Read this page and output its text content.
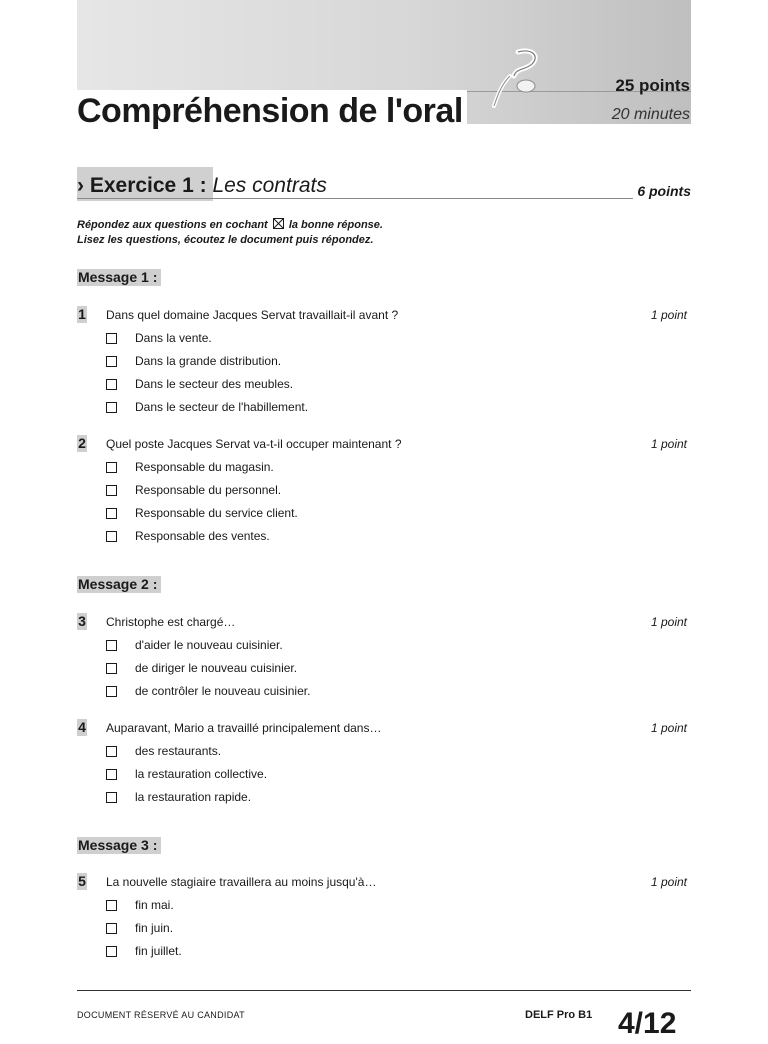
Compréhension de l'oral
25 points
20 minutes
› Exercice 1 : Les contrats	6 points
Répondez aux questions en cochant la bonne réponse.
Lisez les questions, écoutez le document puis répondez.
Message 1 :
1 Dans quel domaine Jacques Servat travaillait-il avant ?	1 point
Dans la vente.
Dans la grande distribution.
Dans le secteur des meubles.
Dans le secteur de l'habillement.
2 Quel poste Jacques Servat va-t-il occuper maintenant ?	1 point
Responsable du magasin.
Responsable du personnel.
Responsable du service client.
Responsable des ventes.
Message 2 :
3 Christophe est chargé…	1 point
d'aider le nouveau cuisinier.
de diriger le nouveau cuisinier.
de contrôler le nouveau cuisinier.
4 Auparavant, Mario a travaillé principalement dans…	1 point
des restaurants.
la restauration collective.
la restauration rapide.
Message 3 :
5 La nouvelle stagiaire travaillera au moins jusqu'à…	1 point
fin mai.
fin juin.
fin juillet.
DOCUMENT RÉSERVÉ AU CANDIDAT	DELF Pro B1 4/12
